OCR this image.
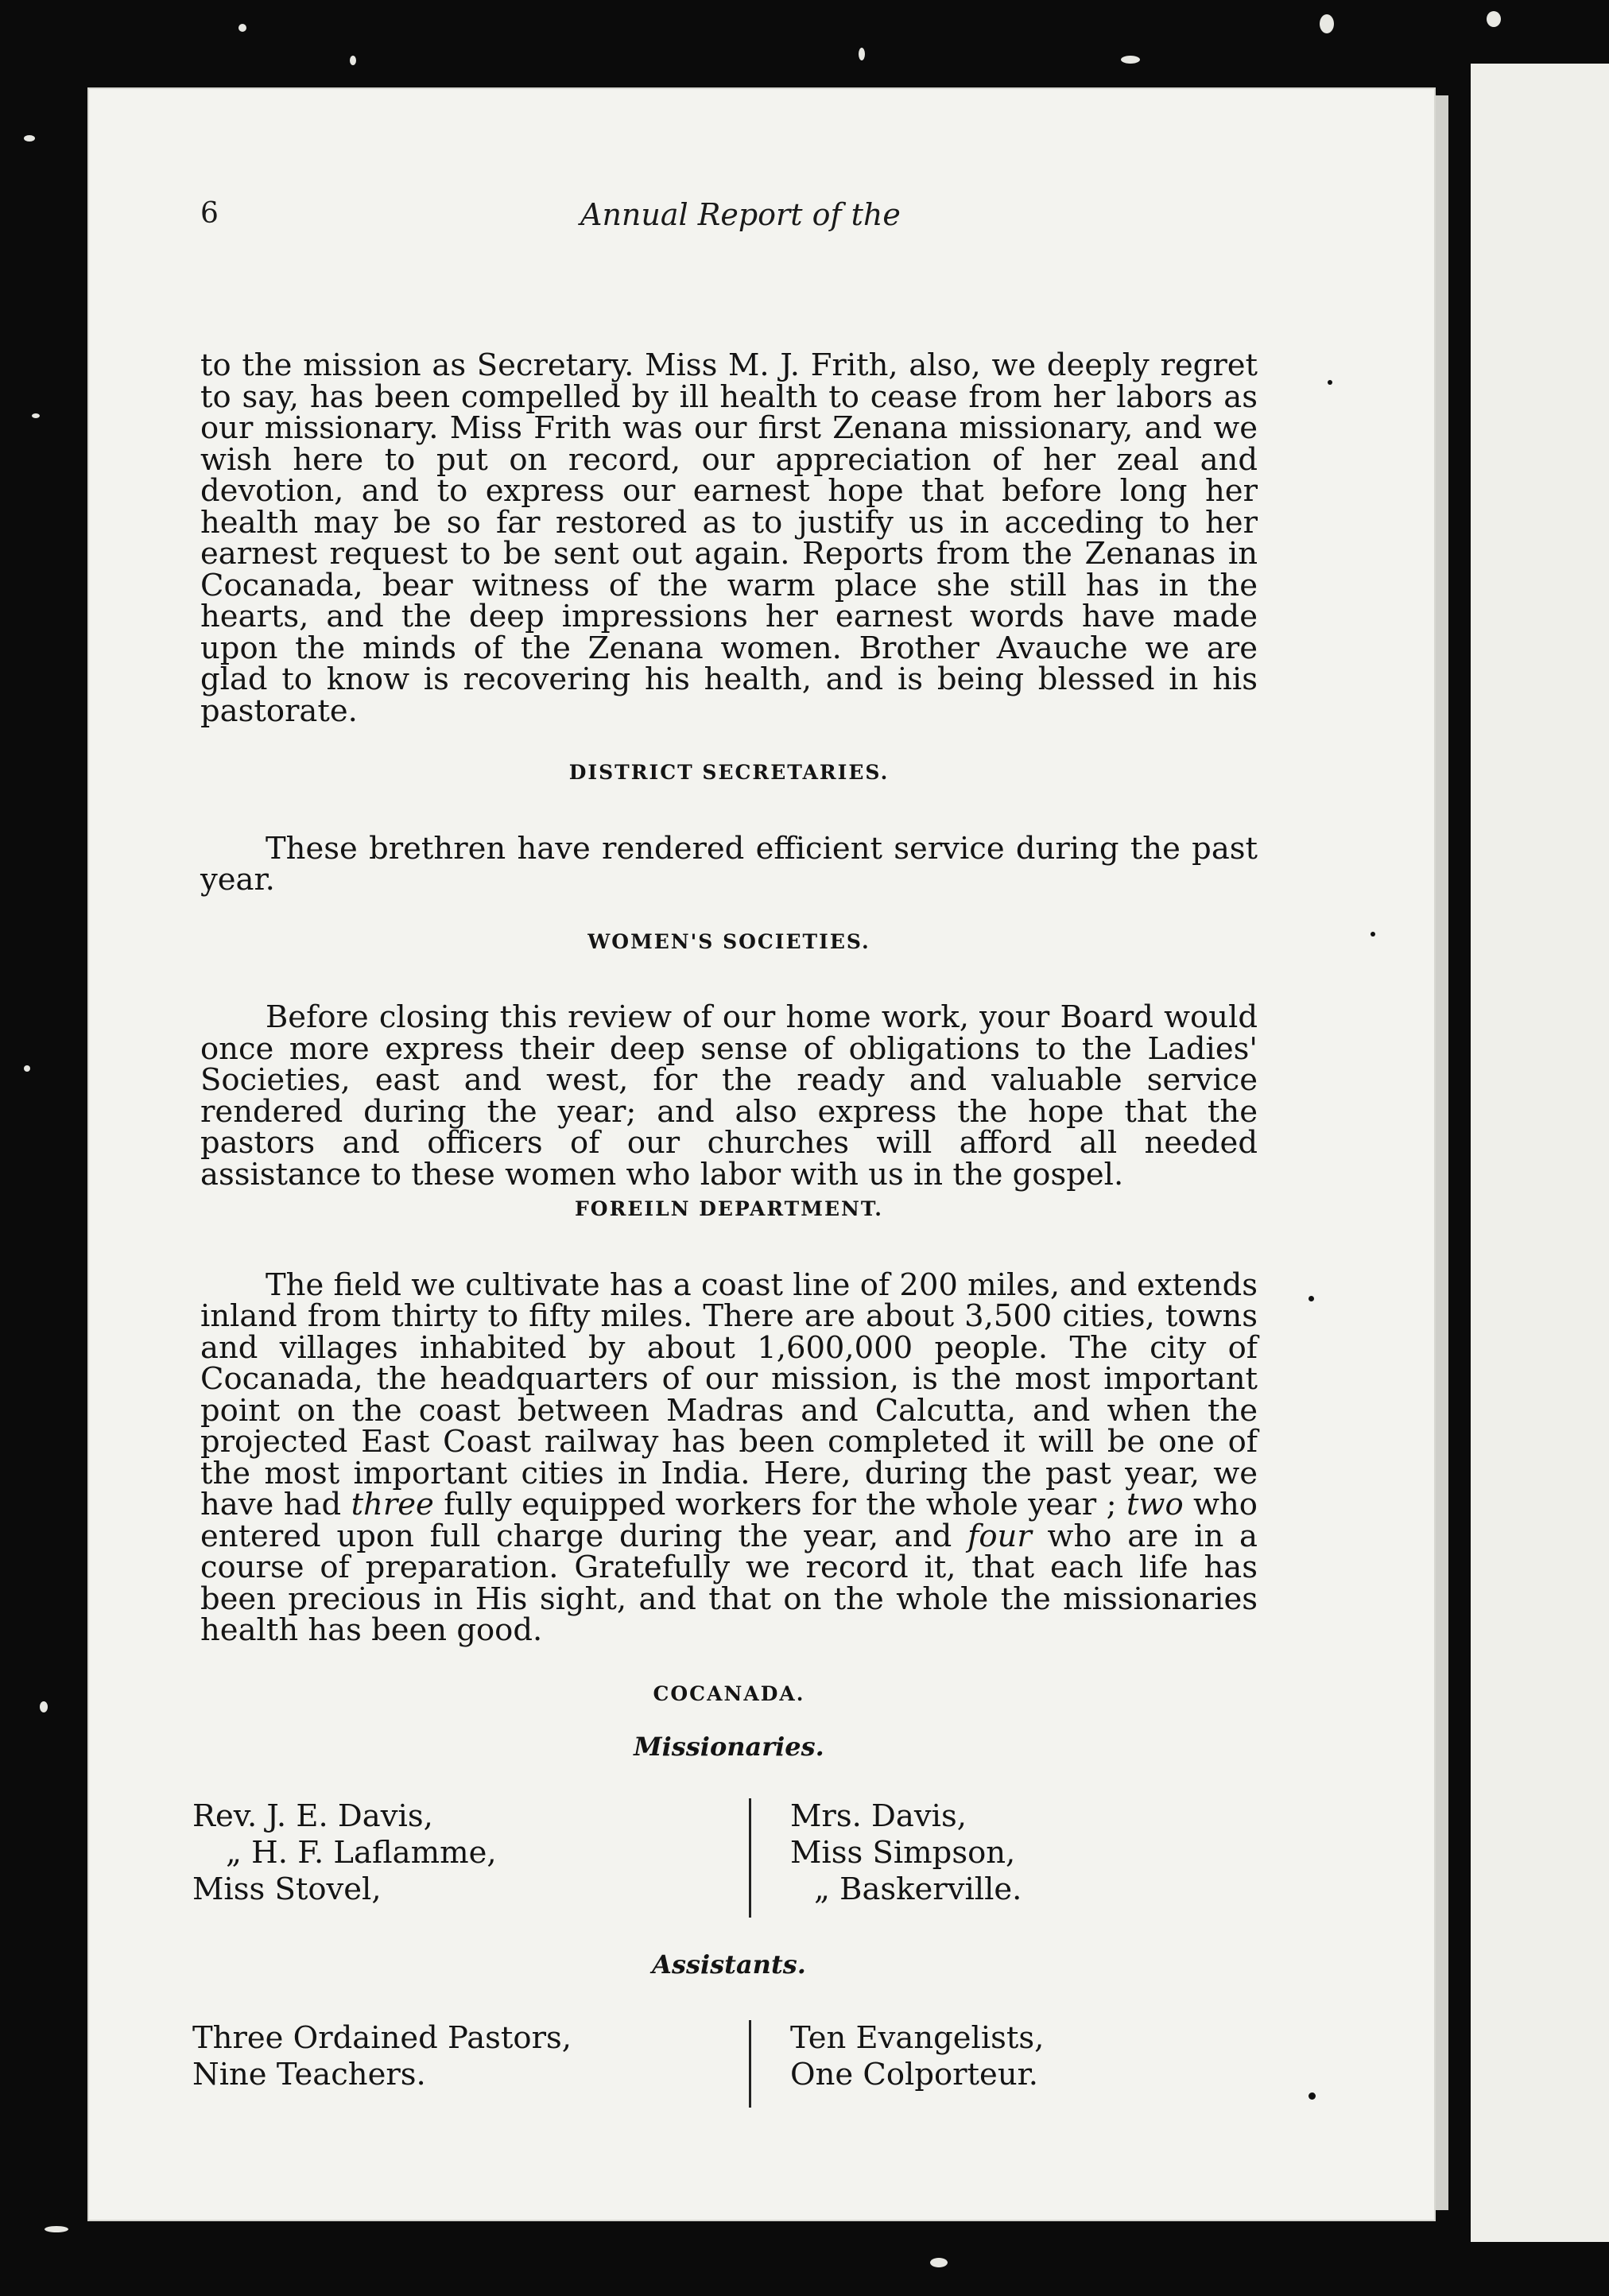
6	Annual Report of the

to the mission as Secretary. Miss M. J. Frith, also, we deeply regret to say, has been compelled by ill health to cease from her labors as our missionary. Miss Frith was our first Zenana missionary, and we wish here to put on record, our appreciation of her zeal and devotion, and to express our earnest hope that before long her health may be so far restored as to justify us in acceding to her earnest request to be sent out again. Reports from the Zenanas in Cocanada, bear witness of the warm place she still has in the hearts, and the deep impressions her earnest words have made upon the minds of the Zenana women. Brother Avauche we are glad to know is recovering his health, and is being blessed in his pastorate.

DISTRICT SECRETARIES.

These brethren have rendered efficient service during the past year.

WOMEN'S SOCIETIES.

Before closing this review of our home work, your Board would once more express their deep sense of obligations to the Ladies' Societies, east and west, for the ready and valuable service rendered during the year; and also express the hope that the pastors and officers of our churches will afford all needed assistance to these women who labor with us in the gospel.

FOREILN DEPARTMENT.

The field we cultivate has a coast line of 200 miles, and extends inland from thirty to fifty miles. There are about 3,500 cities, towns and villages inhabited by about 1,600,000 people. The city of Cocanada, the headquarters of our mission, is the most important point on the coast between Madras and Calcutta, and when the projected East Coast railway has been completed it will be one of the most important cities in India. Here, during the past year, we have had three fully equipped workers for the whole year ; two who entered upon full charge during the year, and four who are in a course of preparation. Gratefully we record it, that each life has been precious in His sight, and that on the whole the missionaries health has been good.

COCANADA.
Missionaries.
Rev. J. E. Davis,
„ H. F. Laflamme,
Miss Stovel,
Mrs. Davis,
Miss Simpson,
„ Baskerville.
Assistants.
Three Ordained Pastors,
Nine Teachers.
Ten Evangelists,
One Colporteur.
